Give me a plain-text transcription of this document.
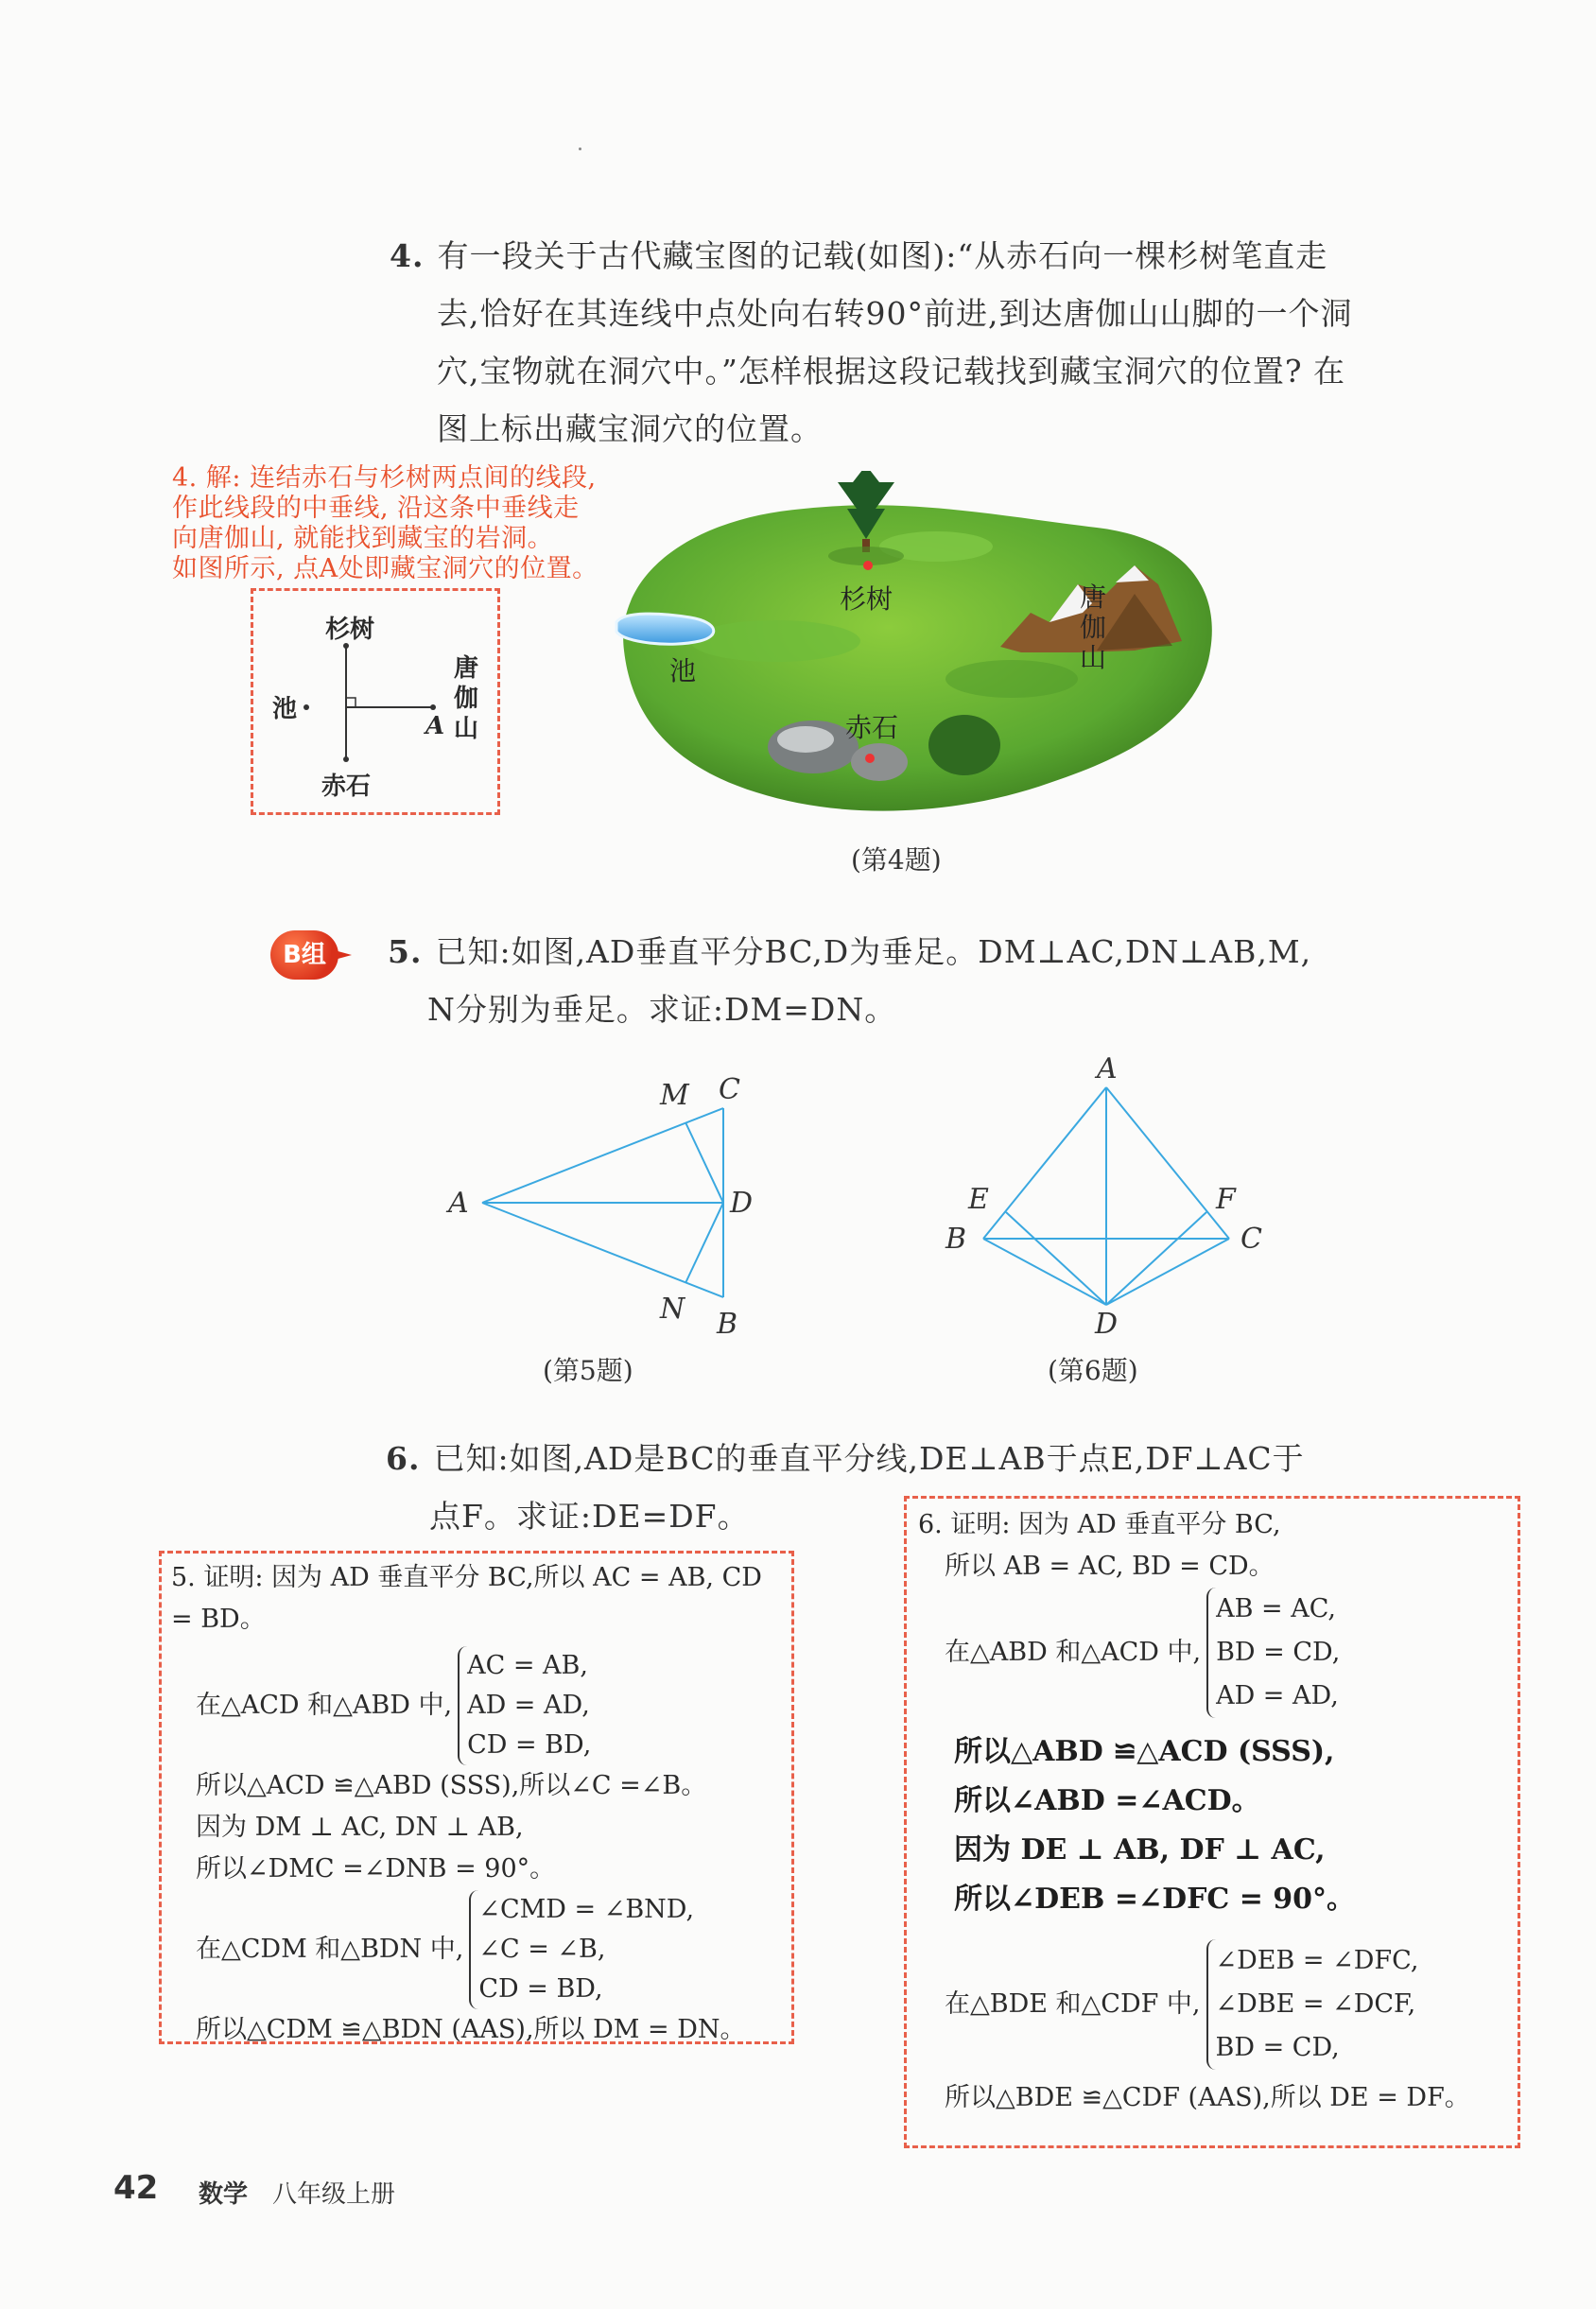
4. 有一段关于古代藏宝图的记载(如图):“从赤石向一棵杉树笔直走
去,恰好在其连线中点处向右转90°前进,到达唐伽山山脚的一个洞
穴,宝物就在洞穴中。”怎样根据这段记载找到藏宝洞穴的位置? 在
图上标出藏宝洞穴的位置。
4. 解: 连结赤石与杉树两点间的线段,
作此线段的中垂线, 沿这条中垂线走
向唐伽山, 就能找到藏宝的岩洞。
如图所示, 点A处即藏宝洞穴的位置。
杉树
池
唐伽山
A
赤石
杉树
池
唐伽山
赤石
(第4题)
B组	5. 已知:如图,AD垂直平分BC,D为垂足。DM⊥AC,DN⊥AB,M,
N分别为垂足。求证:DM=DN。
A	D
C
M
N B
(第5题)
A
E	F
B	C
D
(第6题)
6. 已知:如图,AD是BC的垂直平分线,DE⊥AB于点E,DF⊥AC于
点F。求证:DE=DF。
5. 证明: 因为 AD 垂直平分 BC,所以 AC = AB, CD = BD。
在△ACD 和△ABD 中,
AC = AB,
AD = AD,
CD = BD,
所以△ACD ≌△ABD (SSS),所以∠C =∠B。
因为 DM ⊥ AC, DN ⊥ AB,
所以∠DMC =∠DNB = 90°。
在△CDM 和△BDN 中,
∠CMD = ∠BND,
∠C = ∠B,
CD = BD,
所以△CDM ≌△BDN (AAS),所以 DM = DN。
6. 证明: 因为 AD 垂直平分 BC,
所以 AB = AC, BD = CD。
在△ABD 和△ACD 中,
AB = AC,
BD = CD,
AD = AD,
所以△ABD ≌△ACD (SSS),
所以∠ABD =∠ACD。
因为 DE ⊥ AB, DF ⊥ AC,
所以∠DEB =∠DFC = 90°。
在△BDE 和△CDF 中,
∠DEB = ∠DFC,
∠DBE = ∠DCF,
BD = CD,
所以△BDE ≌△CDF (AAS),所以 DE = DF。
42 数学 八年级上册
